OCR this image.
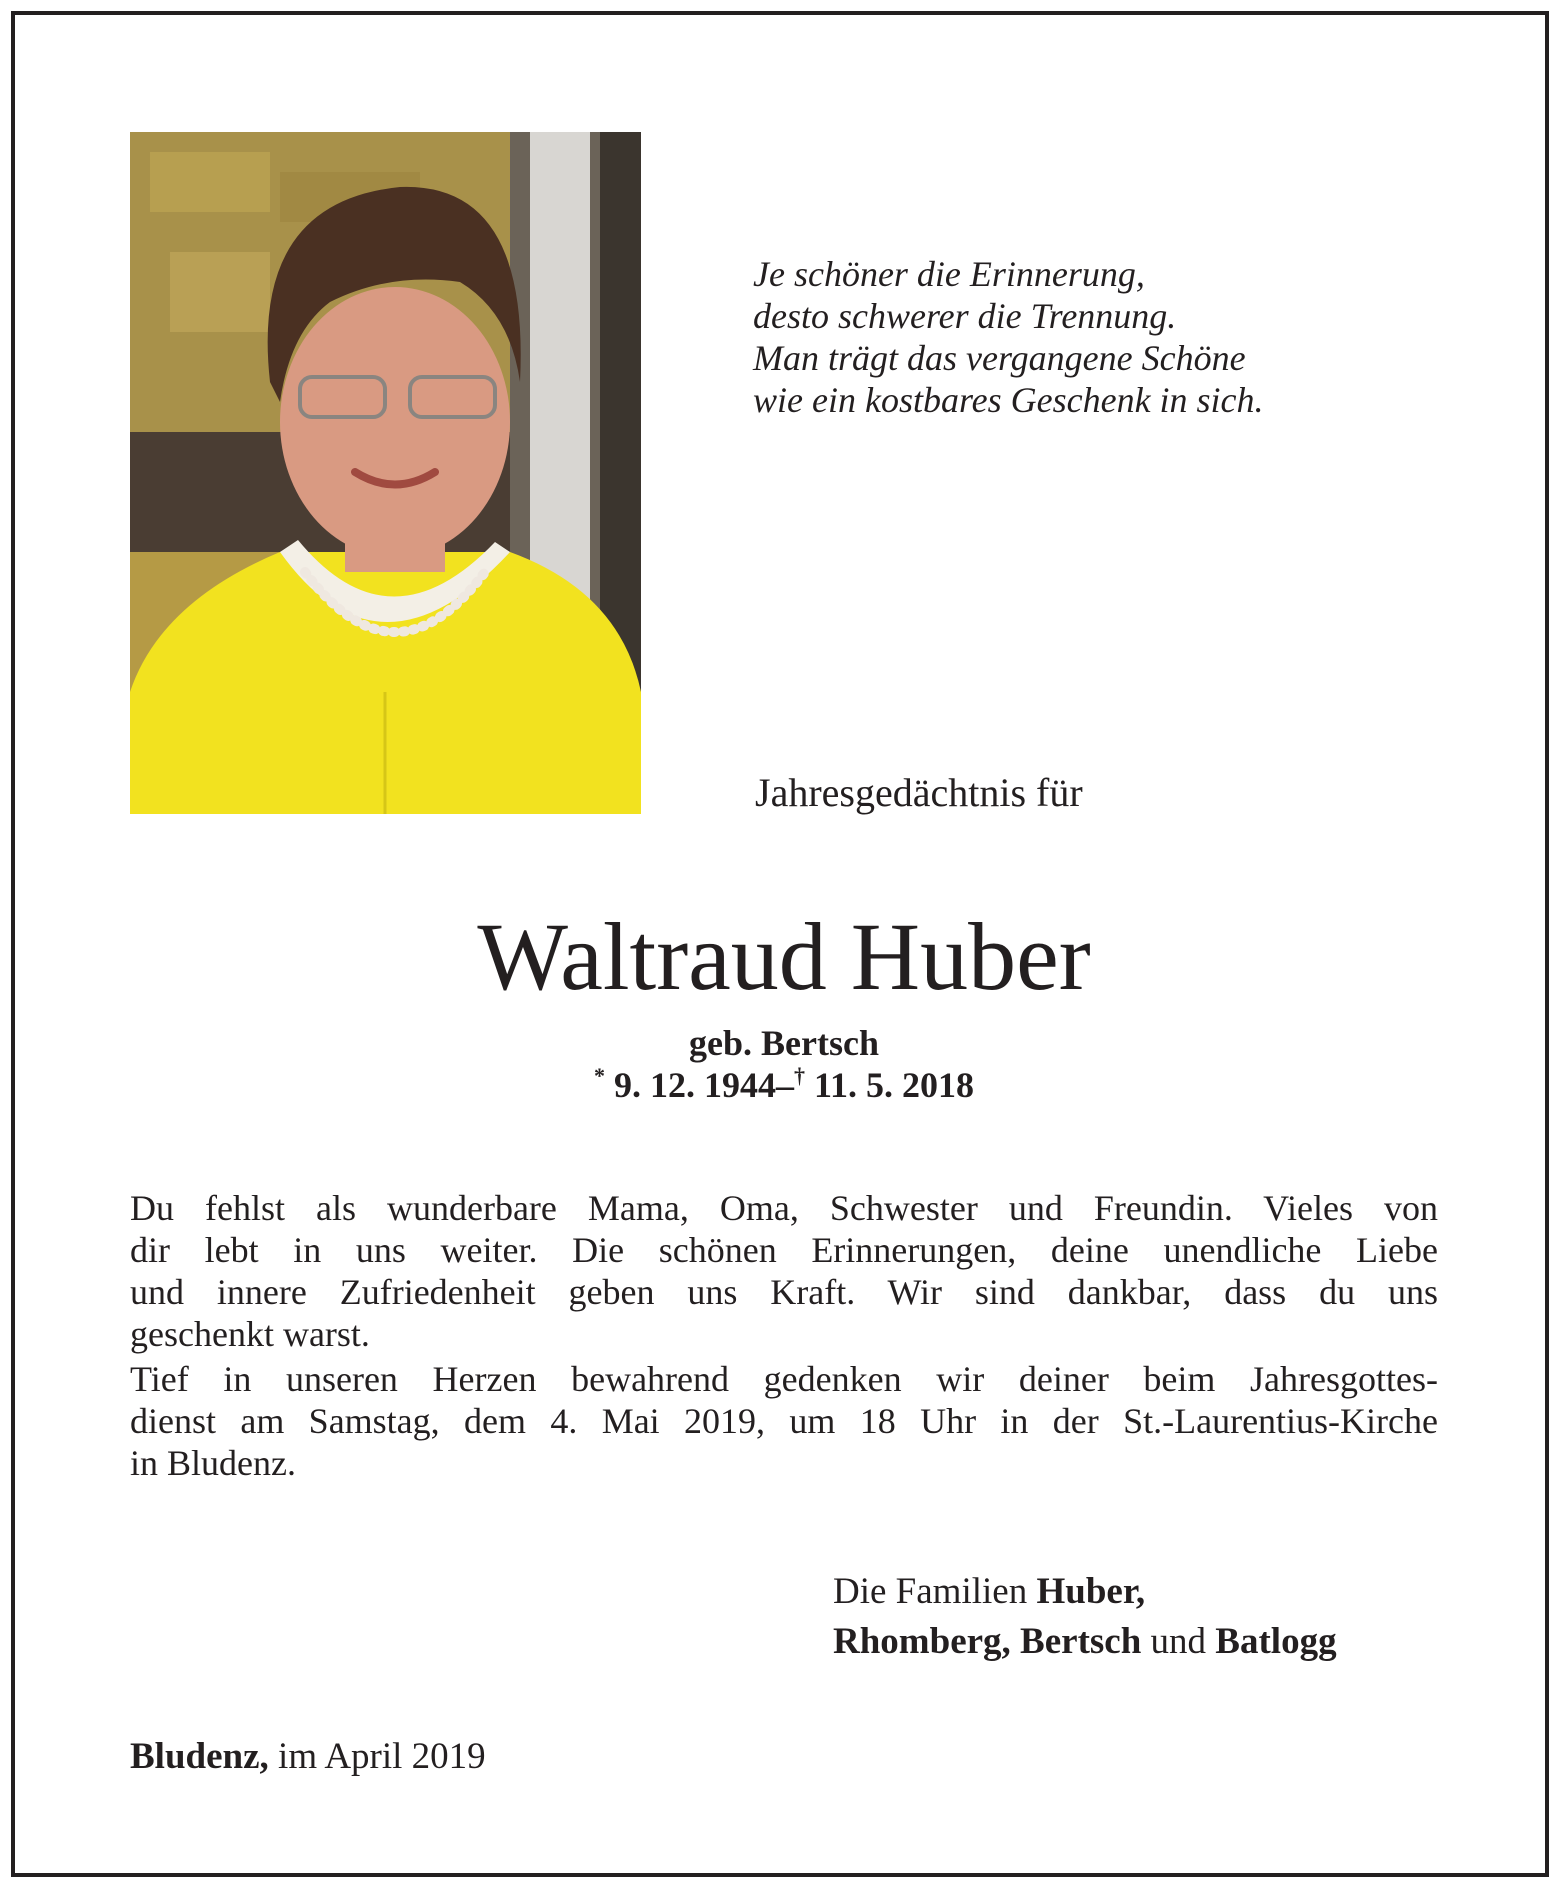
Je schöner die Erinnerung,
desto schwerer die Trennung.
Man trägt das vergangene Schöne
wie ein kostbares Geschenk in sich.
Jahresgedächtnis für
Waltraud Huber
geb. Bertsch
* 9. 12. 1944–† 11. 5. 2018
Du fehlst als wunderbare Mama, Oma, Schwester und Freundin. Vieles von
dir lebt in uns weiter. Die schönen Erinnerungen, deine unendliche Liebe
und innere Zufriedenheit geben uns Kraft. Wir sind dankbar, dass du uns
geschenkt warst.
Tief in unseren Herzen bewahrend gedenken wir deiner beim Jahresgottes-
dienst am Samstag, dem 4. Mai 2019, um 18 Uhr in der St.-Laurentius-Kirche
in Bludenz.
Die Familien Huber,
Rhomberg, Bertsch und Batlogg
Bludenz, im April 2019
